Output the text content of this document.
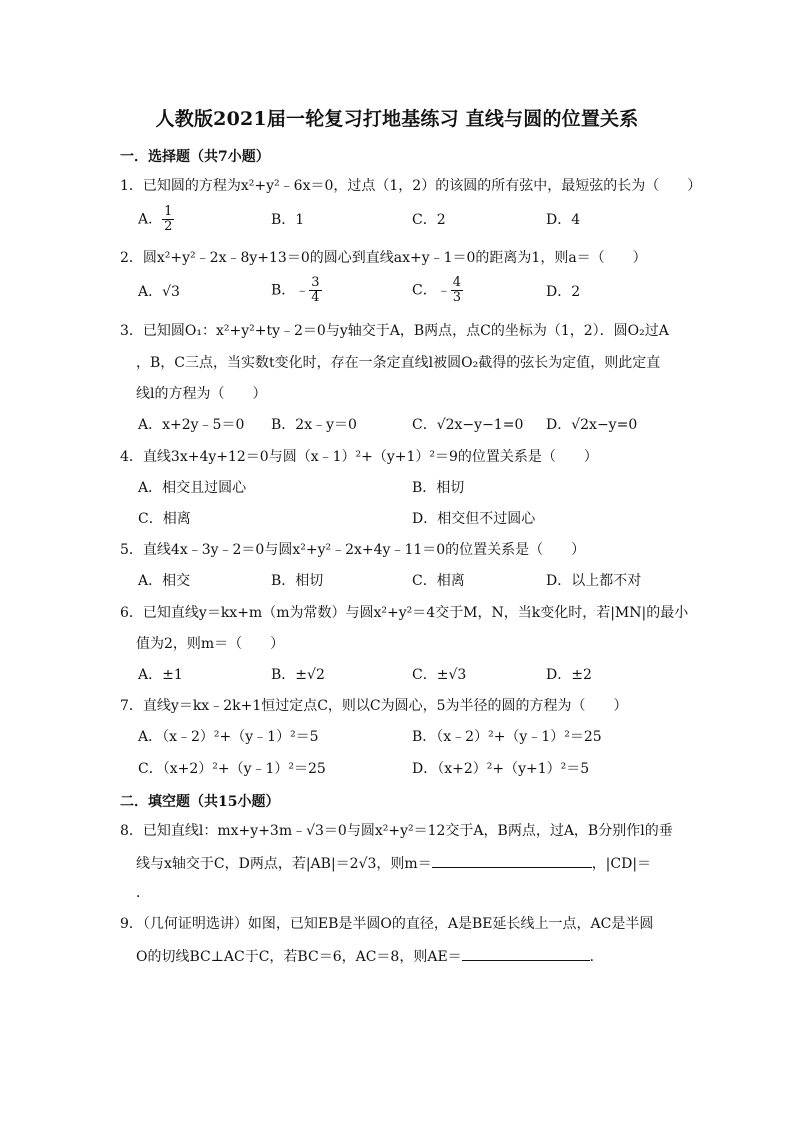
人教版2021届一轮复习打地基练习 直线与圆的位置关系
一．选择题（共7小题）
1．已知圆的方程为x²+y²﹣6x＝0，过点（1，2）的该圆的所有弦中，最短弦的长为（　　）
A． $\frac{1}{2}$	B．1	C．2	D．4
2．圆x²+y²﹣2x﹣8y+13＝0的圆心到直线ax+y﹣1＝0的距离为1，则a＝（　　）
A．√3	B．﹣ $\frac{3}{4}$	C．﹣ $\frac{4}{3}$	D．2
3．已知圆O₁：x²+y²+ty﹣2＝0与y轴交于A，B两点，点C的坐标为（1，2）．圆O₂过A
，B，C三点，当实数t变化时，存在一条定直线l被圆O₂截得的弦长为定值，则此定直
线l的方程为（　　）
A．x+2y﹣5＝0 B．2x﹣y＝0	C．√2x−y−1=0 D．√2x−y=0
4．直线3x+4y+12＝0与圆（x﹣1）²+（y+1）²＝9的位置关系是（　　）
A．相交且过圆心	B．相切
C．相离	D．相交但不过圆心
5．直线4x﹣3y﹣2＝0与圆x²+y²﹣2x+4y﹣11＝0的位置关系是（　　）
A．相交	B．相切	C．相离	D．以上都不对
6．已知直线y＝kx+m（m为常数）与圆x²+y²＝4交于M，N，当k变化时，若|MN|的最小
值为2，则m＝（　　）
A．±1	B．±√2	C．±√3	D．±2
7．直线y＝kx﹣2k+1恒过定点C，则以C为圆心，5为半径的圆的方程为（　　）
A．（x﹣2）²+（y﹣1）²＝5	B．（x﹣2）²+（y﹣1）²＝25
C．（x+2）²+（y﹣1）²＝25	D．（x+2）²+（y+1）²＝5
二．填空题（共15小题）
8．已知直线l：mx+y+3m﹣√3＝0与圆x²+y²＝12交于A，B两点，过A，B分别作l的垂
线与x轴交于C，D两点，若|AB|＝2√3，则m＝	，|CD|＝
．
9．（几何证明选讲）如图，已知EB是半圆O的直径，A是BE延长线上一点，AC是半圆
O的切线BC⊥AC于C，若BC＝6，AC＝8，则AE＝	．
